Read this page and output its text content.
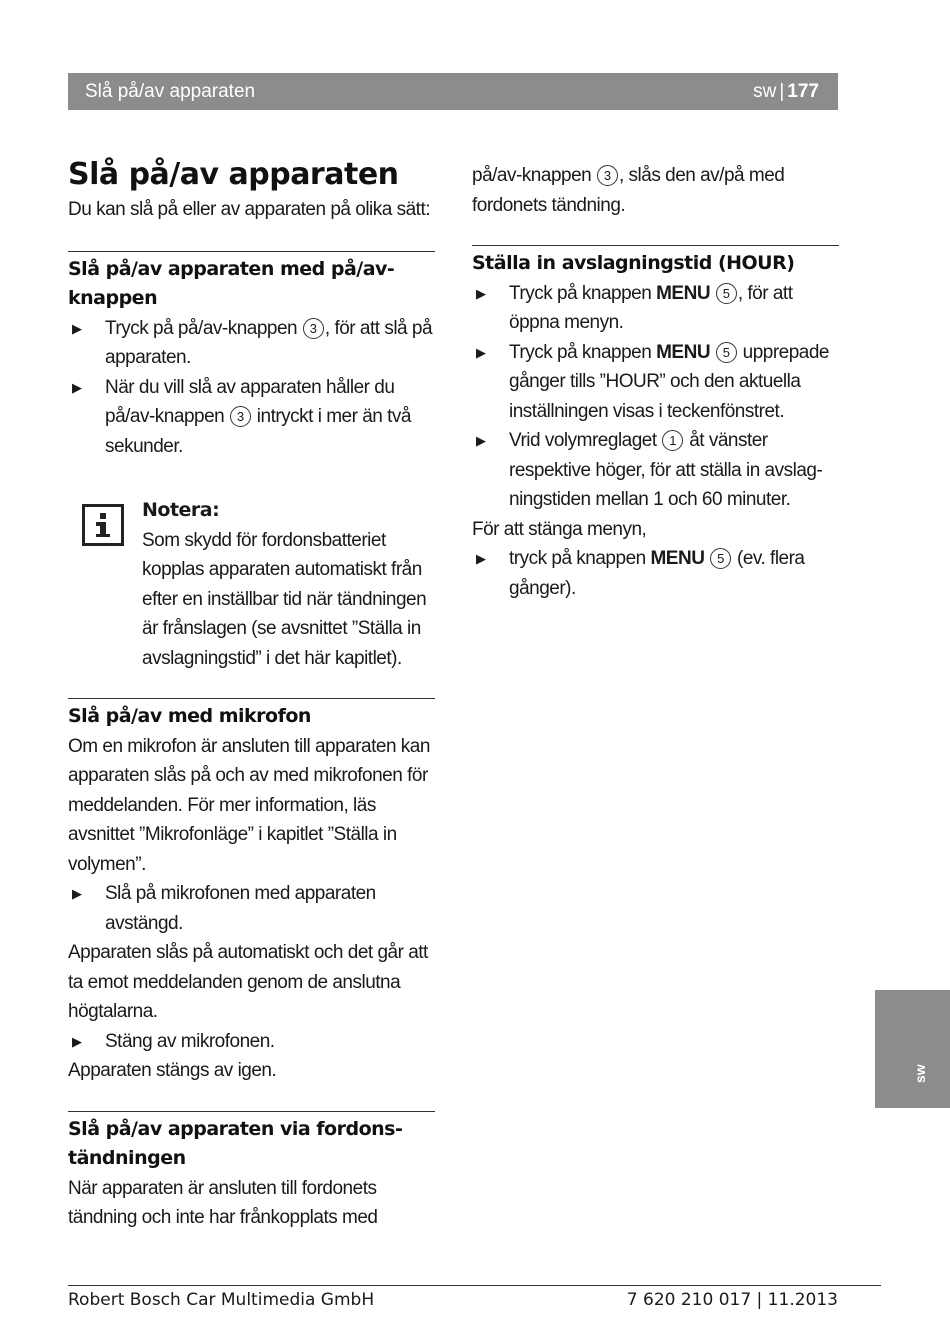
Slå på/av apparaten	sw | 177
Slå på/av apparaten

Du kan slå på eller av apparaten på olika sätt:

Slå på/av apparaten med på/av-knappen
▶	Tryck på på/av-knappen 3 , för att slå på apparaten.
▶	När du vill slå av apparaten håller du på/av-knappen 3 intryckt i mer än två sekunder.

Notera:

Som skydd för fordonsbatteriet kopplas apparaten automatiskt från efter en inställbar tid när tändningen är frånslagen (se avsnittet ”Ställa in avslagningstid” i det här kapitlet).

Slå på/av med mikrofon

Om en mikrofon är ansluten till apparaten kan apparaten slås på och av med mikrofonen för meddelanden. För mer information, läs avsnittet ”Mikrofonläge” i kapitlet ”Ställa in volymen”.

▶	Slå på mikrofonen med apparaten avstängd.

Apparaten slås på automatiskt och det går att ta emot meddelanden genom de anslutna högtalarna.

▶	Stäng av mikrofonen.

Apparaten stängs av igen.

Slå på/av apparaten via fordons-tändningen

När apparaten är ansluten till fordonets tändning och inte har frånkopplats med

på/av-knappen 3 , slås den av/på med fordonets tändning.

Ställa in avslagningstid (HOUR)
▶	Tryck på knappen MENU 5 , för att öppna menyn.
▶	Tryck på knappen MENU 5 upprepade gånger tills ”HOUR” och den aktuella inställningen visas i teckenfönstret.
▶	Vrid volymreglaget 1 åt vänster respektive höger, för att ställa in avslag-ningstiden mellan 1 och 60 minuter.

För att stänga menyn,

▶	tryck på knappen MENU 5 (ev. flera gånger).
sw
Robert Bosch Car Multimedia GmbH	7 620 210 017 | 11.2013
